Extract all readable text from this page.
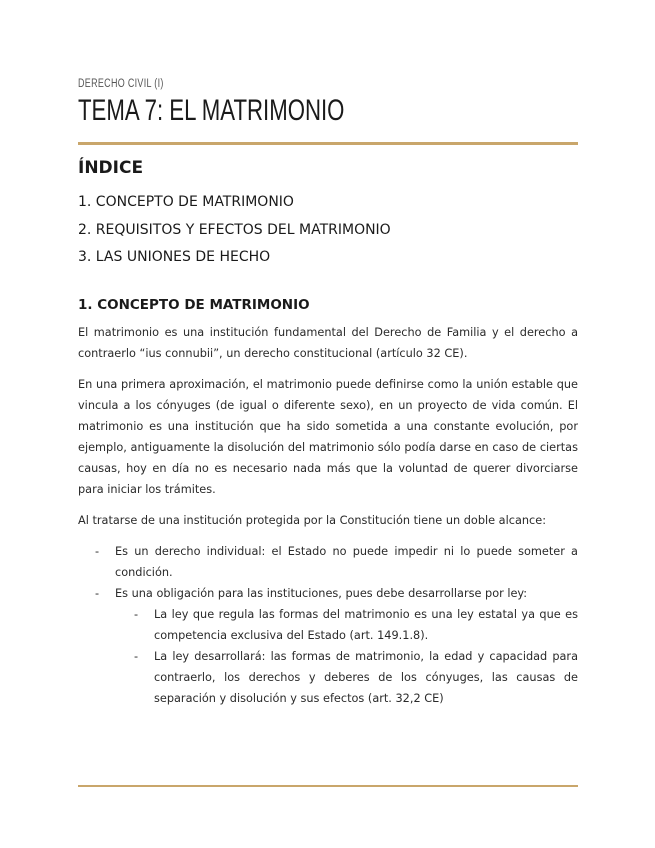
DERECHO CIVIL (I)
TEMA 7: EL MATRIMONIO
ÍNDICE
1. CONCEPTO DE MATRIMONIO
2. REQUISITOS Y EFECTOS DEL MATRIMONIO
3. LAS UNIONES DE HECHO
1. CONCEPTO DE MATRIMONIO

El matrimonio es una institución fundamental del Derecho de Familia y el derecho a contraerlo “ius connubii”, un derecho constitucional (artículo 32 CE).

En una primera aproximación, el matrimonio puede definirse como la unión estable que vincula a los cónyuges (de igual o diferente sexo), en un proyecto de vida común. El matrimonio es una institución que ha sido sometida a una constante evolución, por ejemplo, antiguamente la disolución del matrimonio sólo podía darse en caso de ciertas causas, hoy en día no es necesario nada más que la voluntad de querer divorciarse para iniciar los trámites.

Al tratarse de una institución protegida por la Constitución tiene un doble alcance:

- Es un derecho individual: el Estado no puede impedir ni lo puede someter a condición.
- Es una obligación para las instituciones, pues debe desarrollarse por ley:
- La ley que regula las formas del matrimonio es una ley estatal ya que es competencia exclusiva del Estado (art. 149.1.8).
- La ley desarrollará: las formas de matrimonio, la edad y capacidad para contraerlo, los derechos y deberes de los cónyuges, las causas de separación y disolución y sus efectos (art. 32,2 CE)
